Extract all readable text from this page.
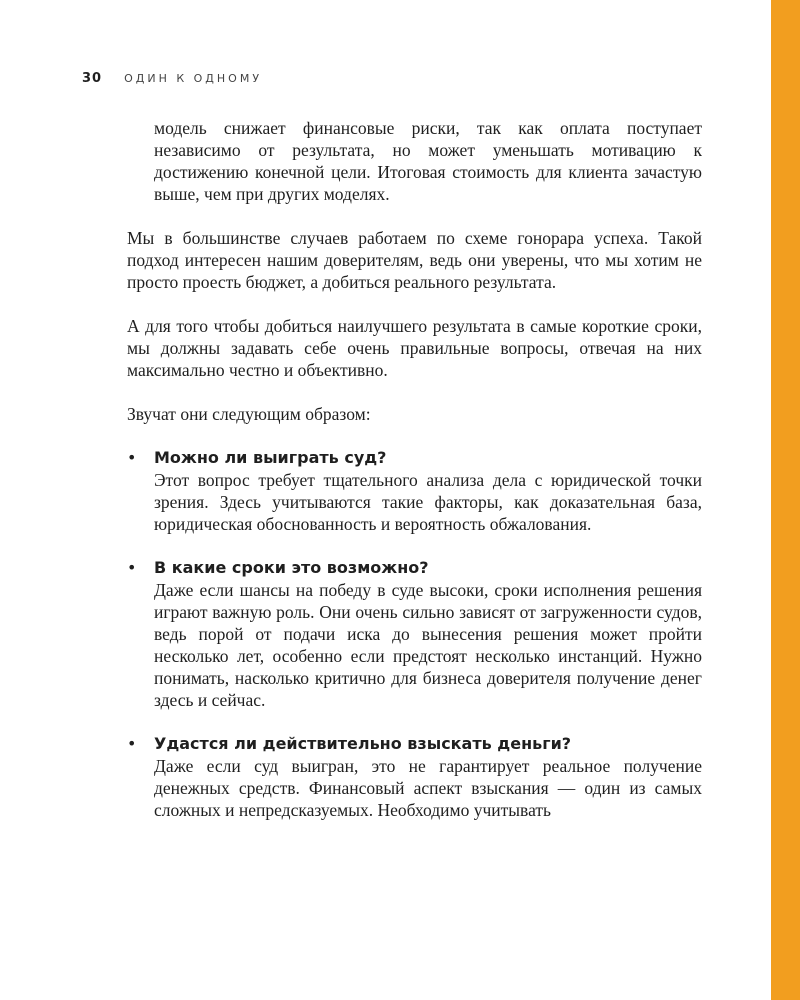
30 ОДИН К ОДНОМУ

модель снижает финансовые риски, так как оплата поступает независимо от результата, но может уменьшать мотивацию к достижению конечной цели. Итоговая стоимость для клиента зачастую выше, чем при других моделях.

Мы в большинстве случаев работаем по схеме гонорара успеха. Такой подход интересен нашим доверителям, ведь они уверены, что мы хотим не просто проесть бюджет, а добиться реального результата.

А для того чтобы добиться наилучшего результата в самые короткие сроки, мы должны задавать себе очень правильные вопросы, отвечая на них максимально честно и объективно.

Звучат они следующим образом:

• Можно ли выиграть суд?

Этот вопрос требует тщательного анализа дела с юридической точки зрения. Здесь учитываются такие факторы, как доказательная база, юридическая обоснованность и вероятность обжалования.

• В какие сроки это возможно?

Даже если шансы на победу в суде высоки, сроки исполнения решения играют важную роль. Они очень сильно зависят от загруженности судов, ведь порой от подачи иска до вынесения решения может пройти несколько лет, особенно если предстоят несколько инстанций. Нужно понимать, насколько критично для бизнеса доверителя получение денег здесь и сейчас.

• Удастся ли действительно взыскать деньги?

Даже если суд выигран, это не гарантирует реальное получение денежных средств. Финансовый аспект взыскания — один из самых сложных и непредсказуемых. Необходимо учитывать
